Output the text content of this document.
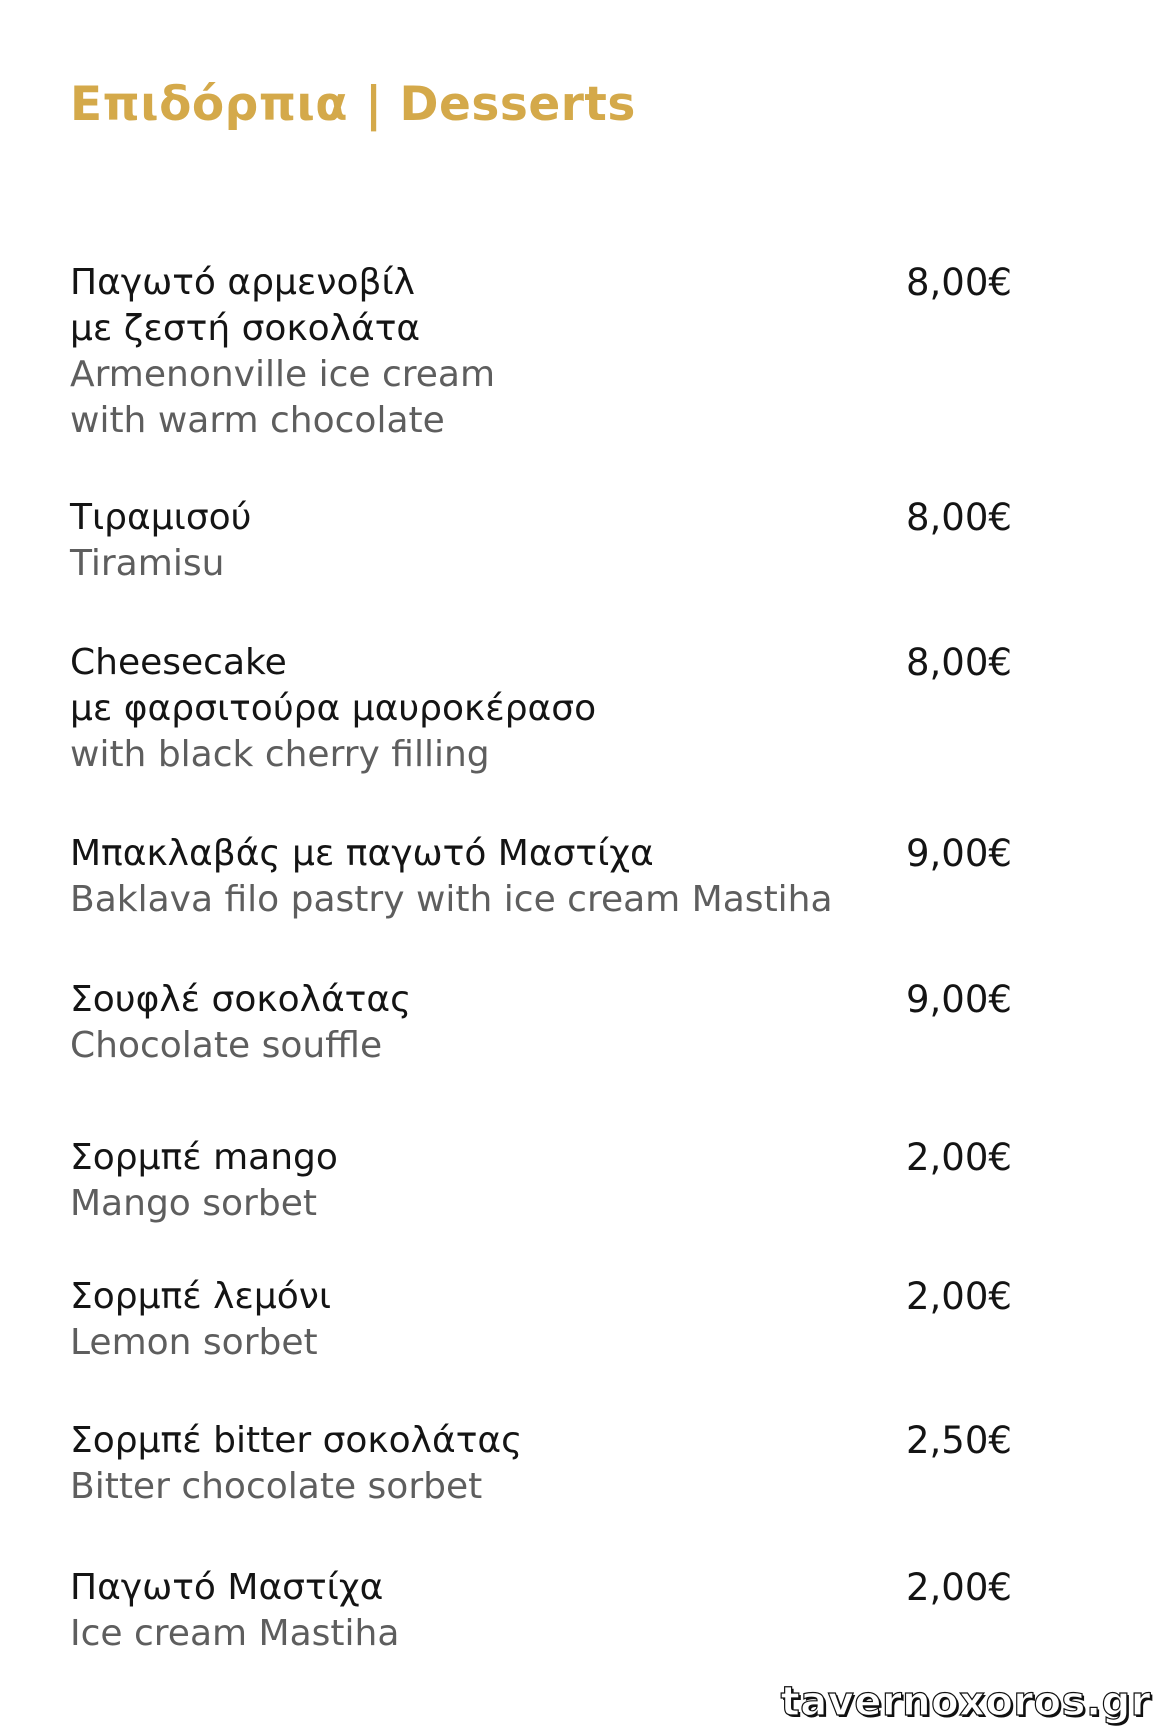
Επιδόρπια | Desserts
Παγωτό αρμενοβίλ
με ζεστή σοκολάτα
Armenonville ice cream
with warm chocolate
8,00€
Τιραμισού
Tiramisu
8,00€
Cheesecake
με φαρσιτούρα μαυροκέρασο
with black cherry filling
8,00€
Μπακλαβάς με παγωτό Μαστίχα
Baklava filo pastry with ice cream Mastiha
9,00€
Σουφλέ σοκολάτας
Chocolate souffle
9,00€
Σορμπέ mango
Mango sorbet
2,00€
Σορμπέ λεμόνι
Lemon sorbet
2,00€
Σορμπέ bitter σοκολάτας
Bitter chocolate sorbet
2,50€
Παγωτό Μαστίχα
Ice cream Mastiha
2,00€
tavernoxoros.gr
